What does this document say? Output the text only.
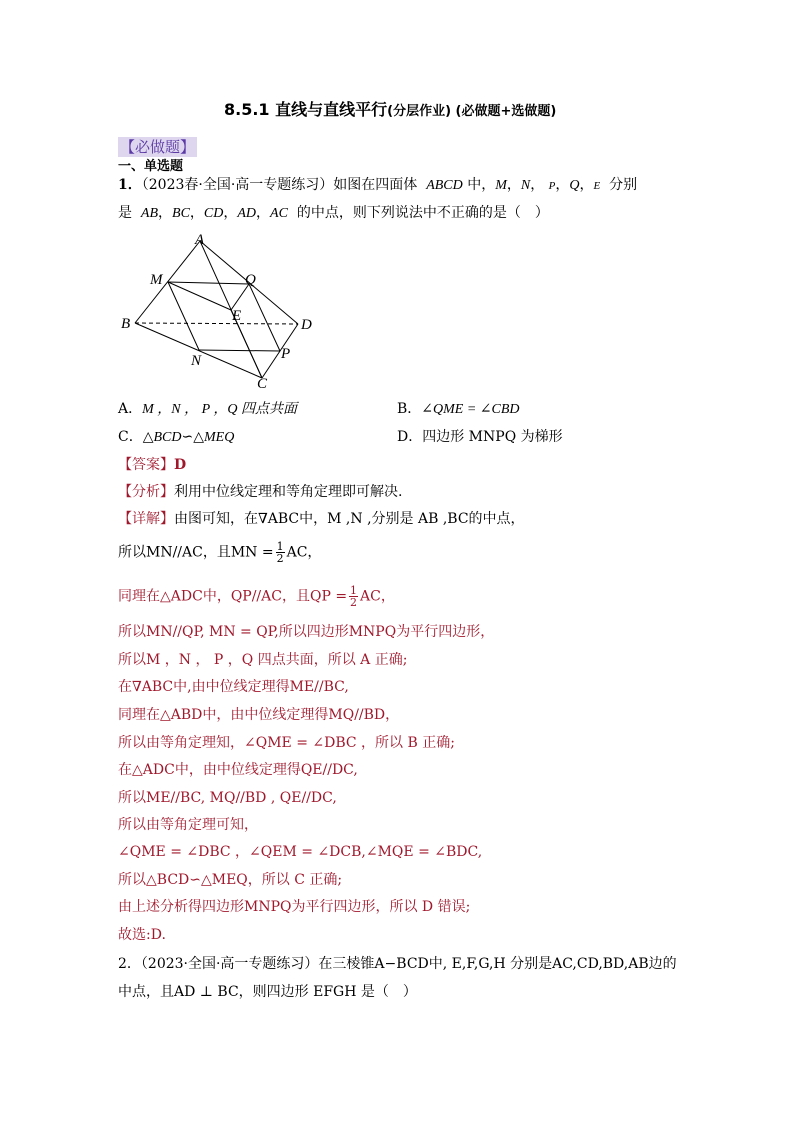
8.5.1 直线与直线平行(分层作业) (必做题+选做题)
【必做题】
一、单选题
1．（2023春·全国·高一专题练习）如图在四面体 ABCD 中，M，N， P，Q，E 分别
是 AB，BC，CD，AD，AC 的中点，则下列说法中不正确的是（　）
A
B
C
D
M
N	P
Q
E
A．M ，N ， P ，Q 四点共面	B．∠QME = ∠CBD
C．△BCD∽△MEQ	D．四边形 MNPQ 为梯形
【答案】D
【分析】利用中位线定理和等角定理即可解决.
【详解】由图可知，在∇ABC中，M ,N ,分别是 AB ,BC的中点，
所以MN//AC，且MN = $\frac{1}{2}$ AC，
同理在△ADC中，QP//AC，且QP = $\frac{1}{2}$ AC，
所以MN//QP, MN = QP,所以四边形MNPQ为平行四边形，
所以M ，N ， P ，Q 四点共面，所以 A 正确;
在∇ABC中,由中位线定理得ME//BC,
同理在△ABD中，由中位线定理得MQ//BD，
所以由等角定理知，∠QME = ∠DBC ，所以 B 正确;
在△ADC中，由中位线定理得QE//DC,
所以ME//BC, MQ//BD , QE//DC,
所以由等角定理可知，
∠QME = ∠DBC ，∠QEM = ∠DCB,∠MQE = ∠BDC,
所以△BCD∽△MEQ，所以 C 正确;
由上述分析得四边形MNPQ为平行四边形，所以 D 错误;
故选:D.
2．（2023·全国·高一专题练习）在三棱锥A−BCD中, E,F,G,H 分别是AC,CD,BD,AB边的
中点，且AD ⊥ BC，则四边形 EFGH 是（　）
